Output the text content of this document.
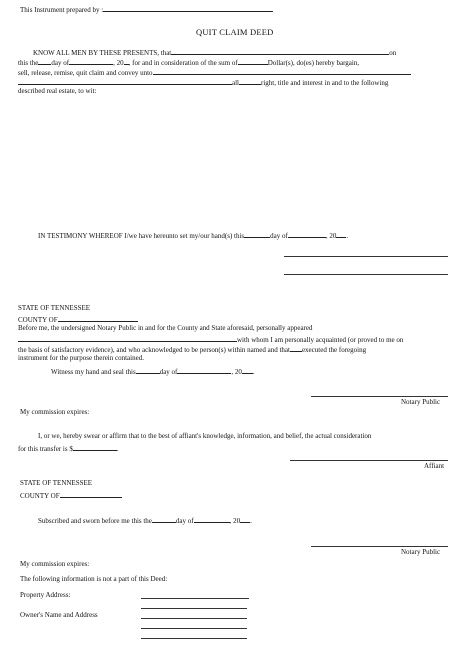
This Instrument prepared by :
QUIT CLAIM DEED
KNOW ALL MEN BY THESE PRESENTS, that	on
this the day of	, 20 , for and in consideration of the sum of	Dollar(s), do(es) hereby bargain,
sell, release, remise, quit claim and convey unto
all	right, title and interest in and to the following
described real estate, to wit:
IN TESTIMONY WHEREOF I/we have hereunto set my/our hand(s) this	day of	, 20 .
STATE OF TENNESSEE
COUNTY OF
Before me, the undersigned Notary Public in and for the County and State aforesaid, personally appeared
with whom I am personally acquainted (or proved to me on
the basis of satisfactory evidence), and who acknowledged to be person(s) within named and that executed the foregoing
instrument for the purpose therein contained.
Witness my hand and seal this	day of	, 20 .
Notary Public
My commission expires:
I, or we, hereby swear or affirm that to the best of affiant's knowledge, information, and belief, the actual consideration
for this transfer is $	.
Affiant
STATE OF TENNESSEE
COUNTY OF
Subscribed and sworn before me this the	day of	, 20 .
Notary Public
My commission expires:
The following information is not a part of this Deed:
Property Address:
Owner's Name and Address
